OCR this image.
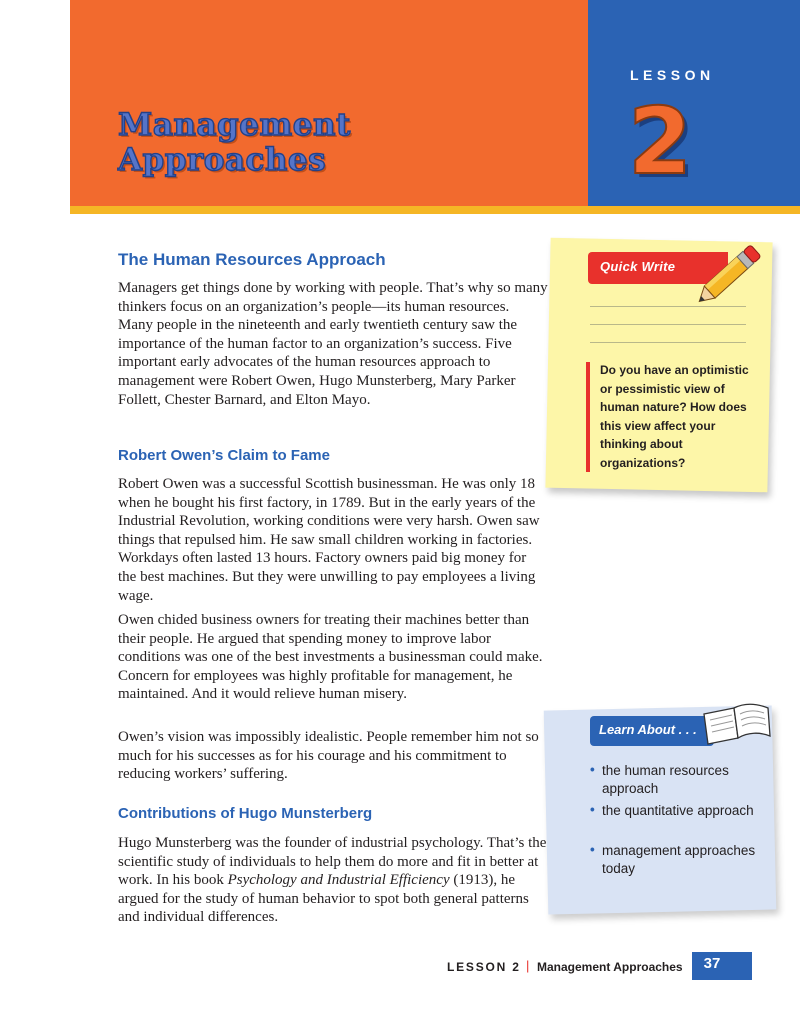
Management
Approaches
LESSON
2
The Human Resources Approach

Managers get things done by working with people. That’s why so many thinkers focus on an organization’s people—its human resources. Many people in the nineteenth and early twentieth century saw the importance of the human factor to an organization’s success. Five important early advocates of the human resources approach to management were Robert Owen, Hugo Munsterberg, Mary Parker Follett, Chester Barnard, and Elton Mayo.

Robert Owen’s Claim to Fame

Robert Owen was a successful Scottish businessman. He was only 18 when he bought his first factory, in 1789. But in the early years of the Industrial Revolution, working conditions were very harsh. Owen saw things that repulsed him. He saw small children working in factories. Workdays often lasted 13 hours. Factory owners paid big money for the best machines. But they were unwilling to pay employees a living wage.

Owen chided business owners for treating their machines better than their people. He argued that spending money to improve labor conditions was one of the best investments a businessman could make. Concern for employees was highly profitable for management, he maintained. And it would relieve human misery.

Owen’s vision was impossibly idealistic. People remember him not so much for his successes as for his courage and his commitment to reducing workers’ suffering.

Contributions of Hugo Munsterberg

Hugo Munsterberg was the founder of industrial psychology. That’s the scientific study of individuals to help them do more and fit in better at work. In his book Psychology and Industrial Efficiency (1913), he argued for the study of human behavior to spot both general patterns and individual differences.

Quick Write
Do you have an optimistic or pessimistic view of human nature? How does this view affect your thinking about organizations?
Learn About . . .
• the human resources approach
• the quantitative approach
• management approaches today
LESSON 2 | Management Approaches	37
